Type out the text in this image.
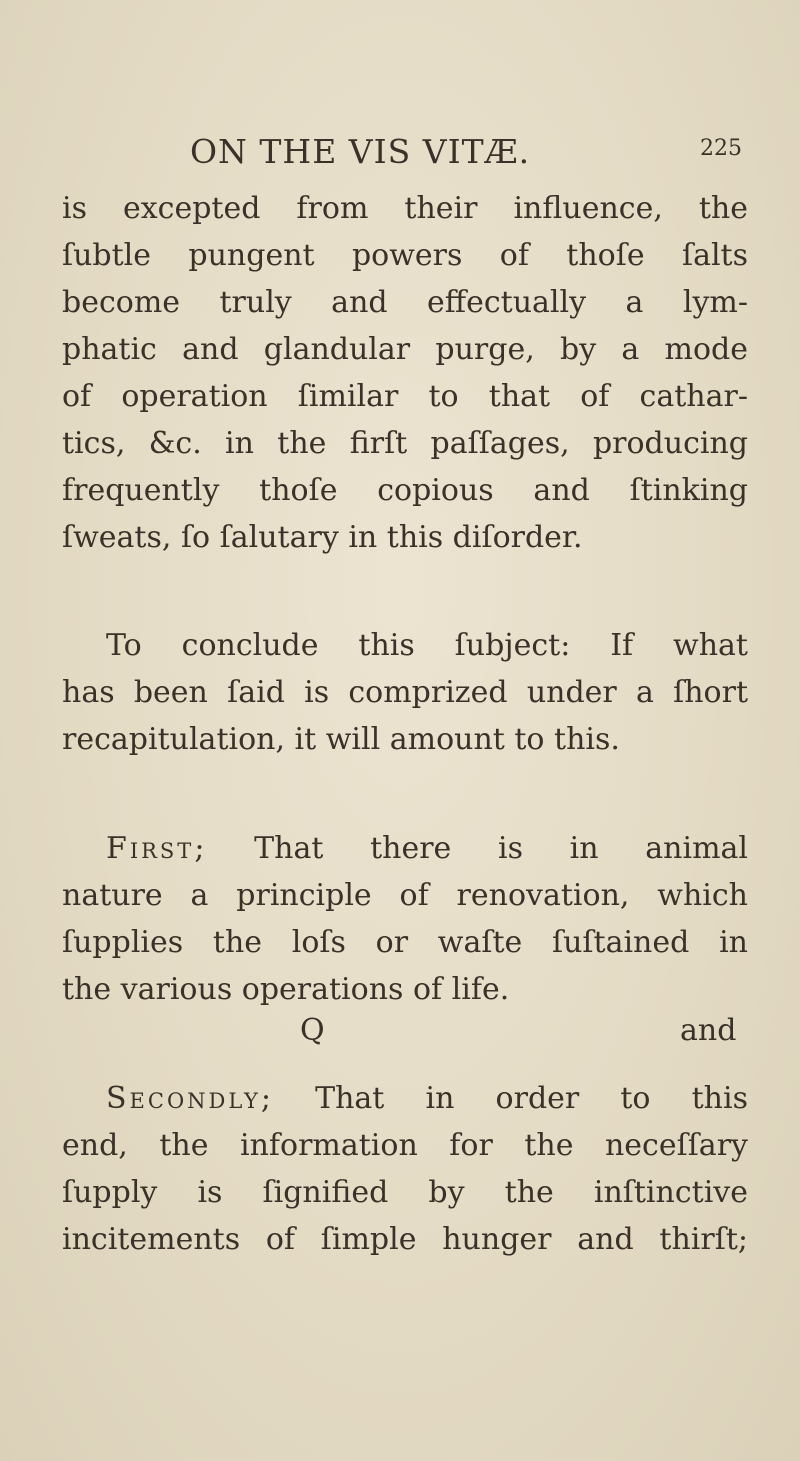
ON THE VIS VITÆ.	225
is excepted from their influence, the
ſubtle pungent powers of thoſe ſalts
become truly and effectually a lym-
phatic and glandular purge, by a mode
of operation ſimilar to that of cathar-
tics, &c. in the firſt paſſages, producing
frequently thoſe copious and ſtinking
ſweats, ſo ſalutary in this diſorder.
To conclude this ſubject: If what
has been ſaid is comprized under a ſhort
recapitulation, it will amount to this.
First; That there is in animal
nature a principle of renovation, which
ſupplies the loſs or waſte ſuſtained in
the various operations of life.
Secondly; That in order to this
end, the information for the neceſſary
ſupply is ſignified by the inſtinctive
incitements of ſimple hunger and thirſt;
Q	and
